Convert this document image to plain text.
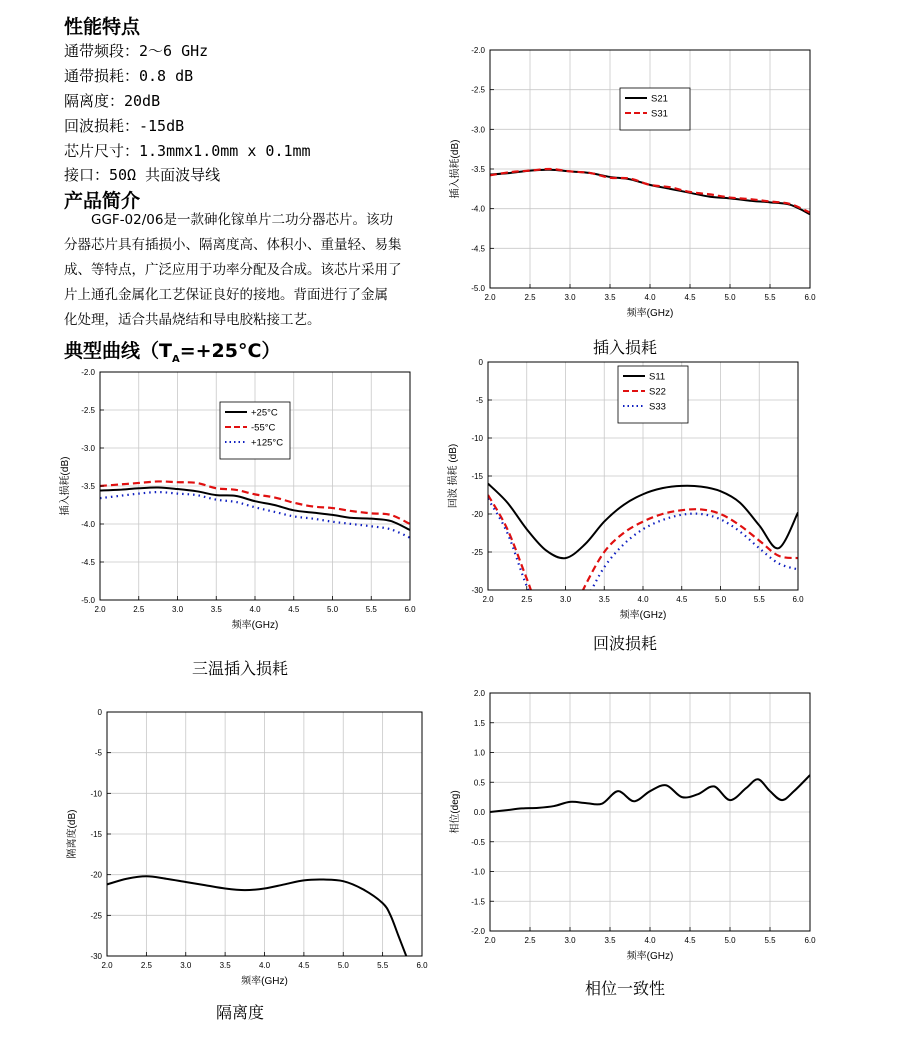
性能特点
通带频段：2～6 GHz
通带损耗：0.8 dB
隔离度：20dB
回波损耗：-15dB
芯片尺寸：1.3mmx1.0mm x 0.1mm
接口：50Ω 共面波导线
产品简介
GGF-02/06是一款砷化镓单片二功分器芯片。该功
分器芯片具有插损小、隔离度高、体积小、重量轻、易集
成、等特点，广泛应用于功率分配及合成。该芯片采用了
片上通孔金属化工艺保证良好的接地。背面进行了金属
化处理，适合共晶烧结和导电胶粘接工艺。
典型曲线$(T_A=+25^\circ C)$
2.0	2.5	3.0	3.5	4.0	4.5	5.0	5.5	6.0
-2.0
-2.5
-3.0
-3.5
-4.0
-4.5
-5.0
频率(GHz)
插入损耗(dB)
S21
S31
插入损耗
2.0	2.5	3.0	3.5	4.0	4.5	5.0	5.5	6.0
-2.0
-2.5
-3.0
-3.5
-4.0
-4.5
-5.0
频率(GHz)
插入损耗(dB)
+25°C
-55°C
+125°C
三温插入损耗
2.0	2.5	3.0	3.5	4.0	4.5	5.0	5.5	6.0
0
-5
-10
-15
-20
-25
-30
频率(GHz)
回波 损耗 (dB)
S11
S22
S33
回波损耗
2.0	2.5	3.0	3.5	4.0	4.5	5.0	5.5	6.0
0
-5
-10
-15
-20
-25
-30
频率(GHz)
隔离度(dB)
隔离度
2.0	2.5	3.0	3.5	4.0	4.5	5.0	5.5	6.0
2.0
1.5
1.0
0.5
0.0
-0.5
-1.0
-1.5
-2.0
频率(GHz)
相位(deg)
相位一致性
